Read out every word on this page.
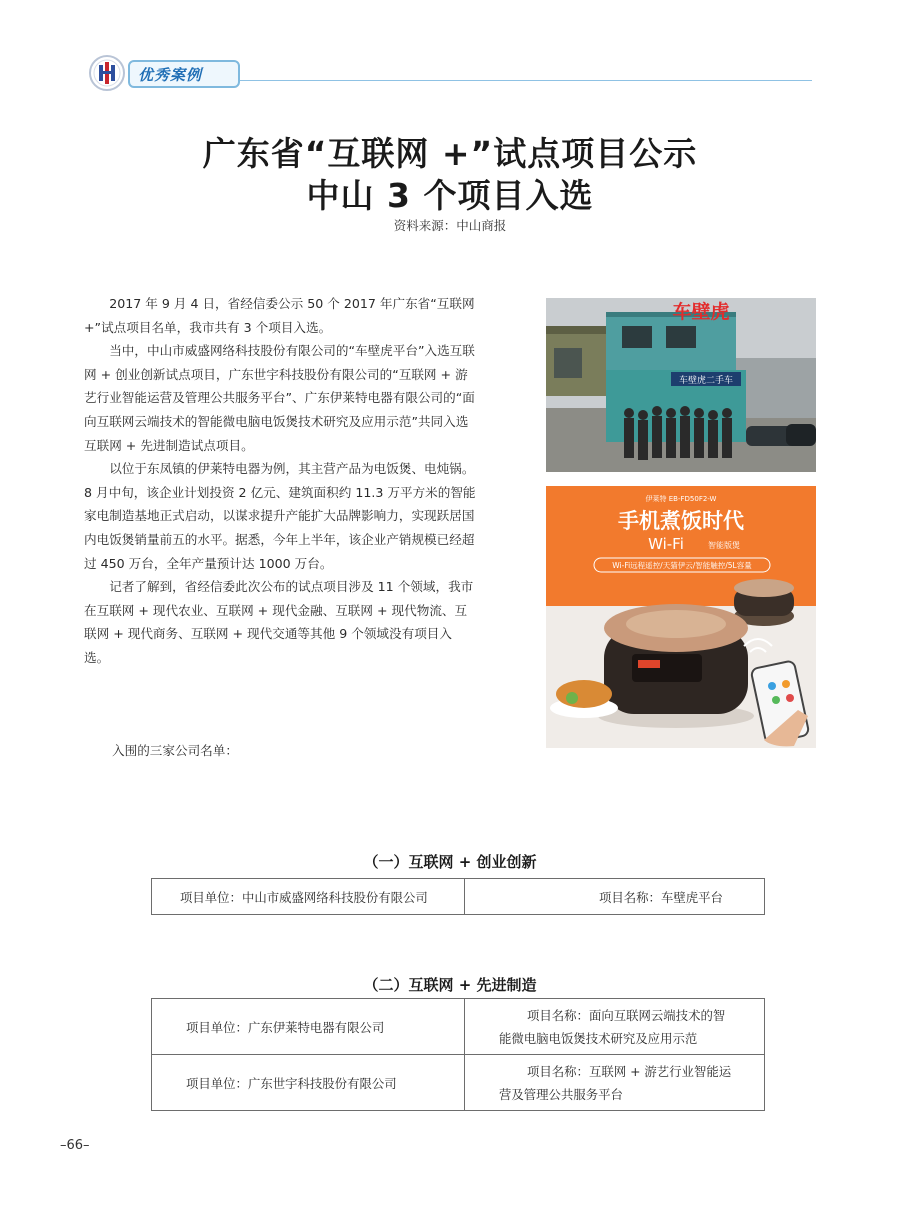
优秀案例
广东省“互联网 +”试点项目公示
中山 3 个项目入选
资料来源：中山商报

2017 年 9 月 4 日，省经信委公示 50 个 2017 年广东省“互联网 +”试点项目名单，我市共有 3 个项目入选。

当中，中山市威盛网络科技股份有限公司的“车壁虎平台”入选互联网 + 创业创新试点项目，广东世宇科技股份有限公司的“互联网 + 游艺行业智能运营及管理公共服务平台”、广东伊莱特电器有限公司的“面向互联网云端技术的智能微电脑电饭煲技术研究及应用示范”共同入选互联网 + 先进制造试点项目。

以位于东凤镇的伊莱特电器为例，其主营产品为电饭煲、电炖锅。8 月中旬，该企业计划投资 2 亿元、建筑面积约 11.3 万平方米的智能家电制造基地正式启动，以谋求提升产能扩大品牌影响力，实现跃居国内电饭煲销量前五的水平。据悉，今年上半年，该企业产销规模已经超过 450 万台，全年产量预计达 1000 万台。

记者了解到，省经信委此次公布的试点项目涉及 11 个领域，我市在互联网 + 现代农业、互联网 + 现代金融、互联网 + 现代物流、互联网 + 现代商务、互联网 + 现代交通等其他 9 个领域没有项目入选。

入围的三家公司名单：
车壁虎二手车
车壁虎
伊莱特 EB-FD50F2-W
手机煮饭时代
Wi-Fi	智能版煲
Wi-Fi远程遥控/天猫伊云/智能触控/5L容量
（一）互联网 + 创业创新
项目单位：中山市威盛网络科技股份有限公司	项目名称：车壁虎平台
（二）互联网 + 先进制造
项目单位：广东伊莱特电器有限公司	项目名称：面向互联网云端技术的智
能微电脑电饭煲技术研究及应用示范
项目单位：广东世宇科技股份有限公司	项目名称：互联网 + 游艺行业智能运
营及管理公共服务平台
–66–
